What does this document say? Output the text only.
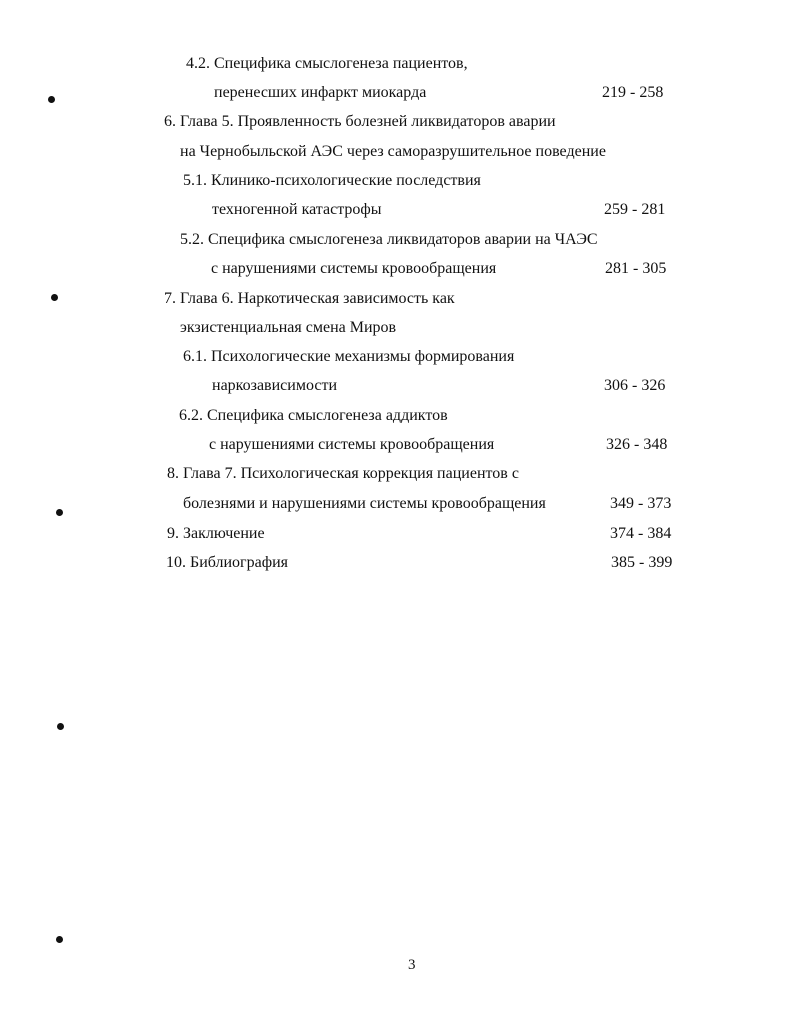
4.2. Специфика смыслогенеза пациентов,
перенесших инфаркт миокарда	219 - 258
6. Глава 5. Проявленность болезней ликвидаторов аварии
на Чернобыльской АЭС через саморазрушительное поведение
5.1. Клинико-психологические последствия
техногенной катастрофы	259 - 281
5.2. Специфика смыслогенеза ликвидаторов аварии на ЧАЭС
с нарушениями системы кровообращения	281 - 305
7. Глава 6. Наркотическая зависимость как
экзистенциальная смена Миров
6.1. Психологические механизмы формирования
наркозависимости	306 - 326
6.2. Специфика смыслогенеза аддиктов
с нарушениями системы кровообращения	326 - 348
8. Глава 7. Психологическая коррекция пациентов с
болезнями и нарушениями системы кровообращения	349 - 373
9. Заключение	374 - 384
10. Библиография	385 - 399
3
